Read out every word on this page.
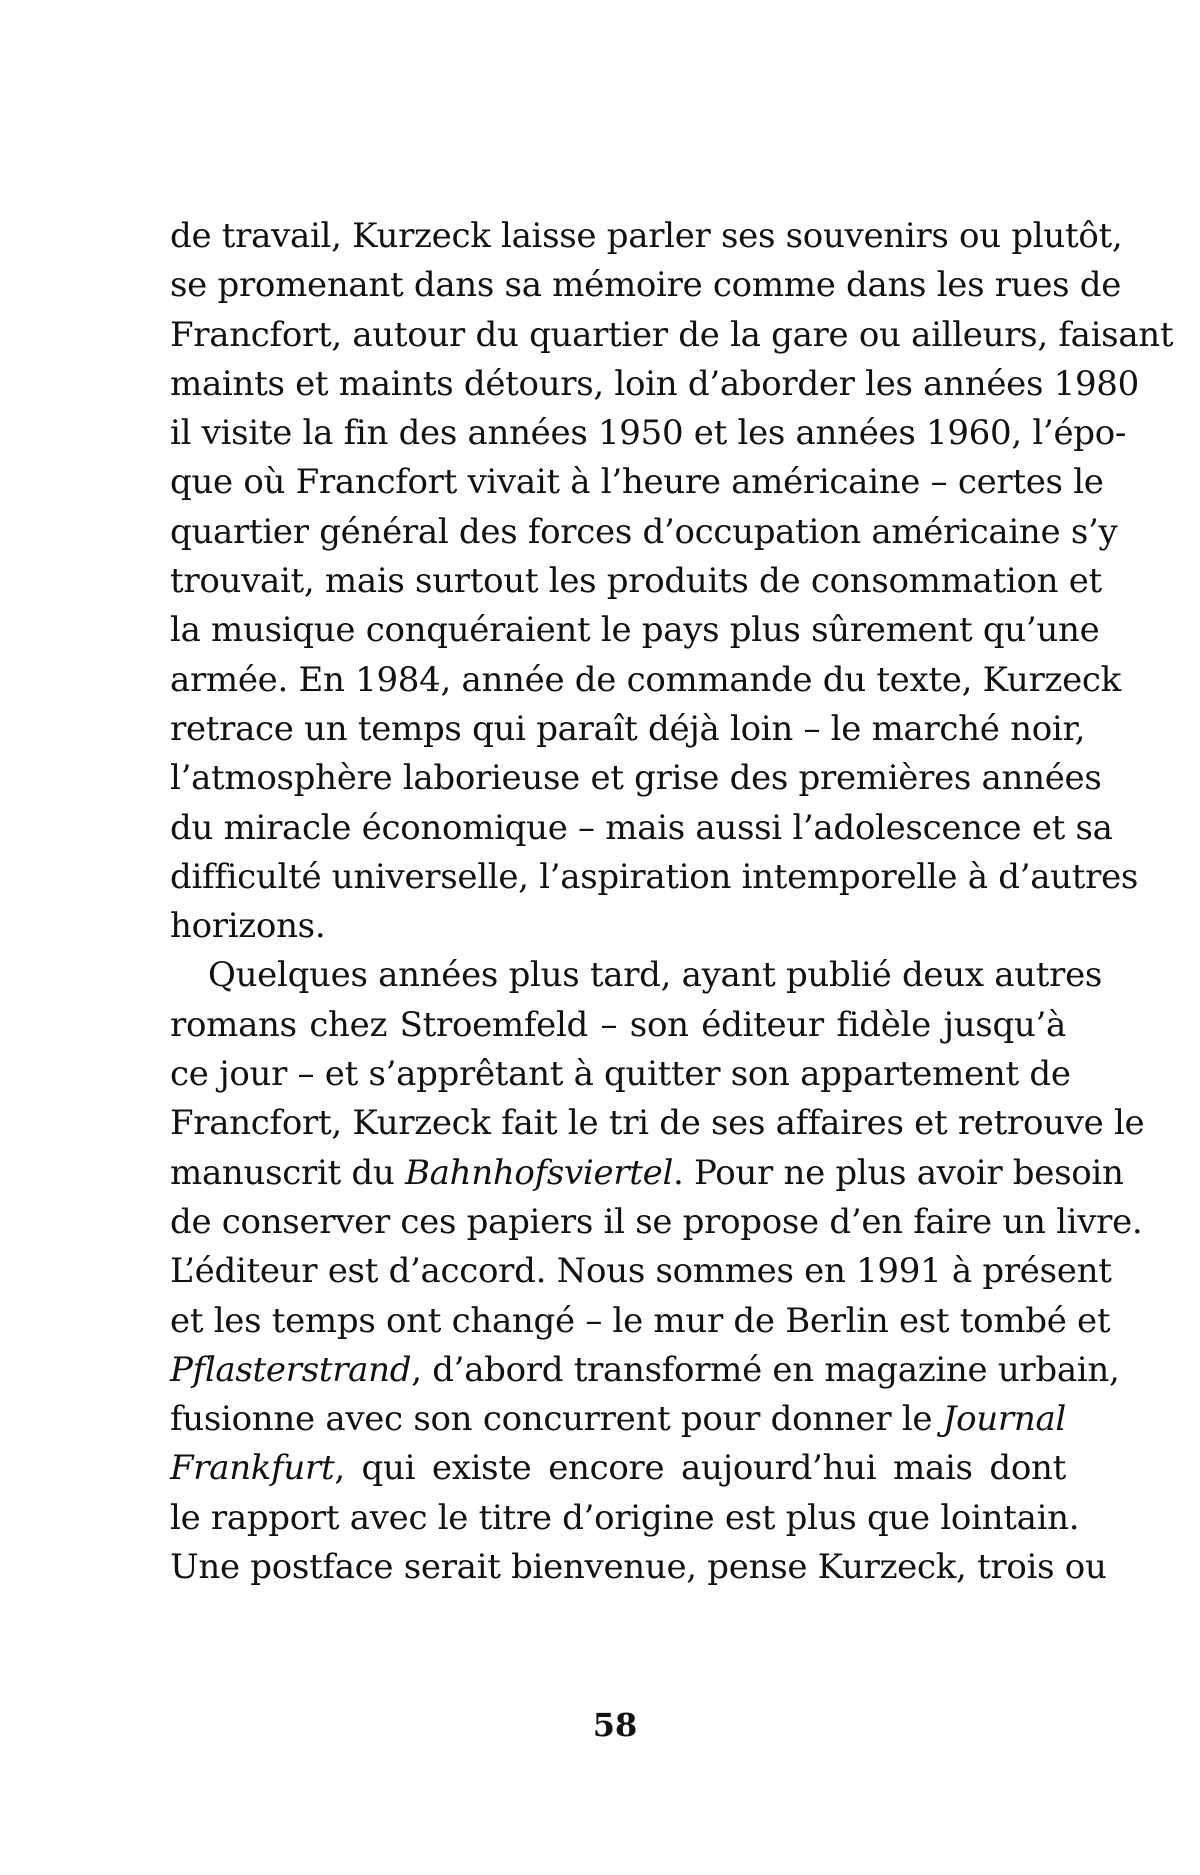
de travail, Kurzeck laisse parler ses souvenirs ou plutôt,
se promenant dans sa mémoire comme dans les rues de
Francfort, autour du quartier de la gare ou ailleurs, faisant
maints et maints détours, loin d’aborder les années 1980
il visite la fin des années 1950 et les années 1960, l’épo-
que où Francfort vivait à l’heure américaine – certes le
quartier général des forces d’occupation américaine s’y
trouvait, mais surtout les produits de consommation et
la musique conquéraient le pays plus sûrement qu’une
armée. En 1984, année de commande du texte, Kurzeck
retrace un temps qui paraît déjà loin – le marché noir,
l’atmosphère laborieuse et grise des premières années
du miracle économique – mais aussi l’adolescence et sa
difficulté universelle, l’aspiration intemporelle à d’autres
horizons.
Quelques années plus tard, ayant publié deux autres
romans chez Stroemfeld – son éditeur fidèle jusqu’à
ce jour – et s’apprêtant à quitter son appartement de
Francfort, Kurzeck fait le tri de ses affaires et retrouve le
manuscrit du Bahnhofsviertel. Pour ne plus avoir besoin
de conserver ces papiers il se propose d’en faire un livre.
L’éditeur est d’accord. Nous sommes en 1991 à présent
et les temps ont changé – le mur de Berlin est tombé et
Pflasterstrand, d’abord transformé en magazine urbain,
fusionne avec son concurrent pour donner le Journal
Frankfurt, qui existe encore aujourd’hui mais dont
le rapport avec le titre d’origine est plus que lointain.
Une postface serait bienvenue, pense Kurzeck, trois ou
58
